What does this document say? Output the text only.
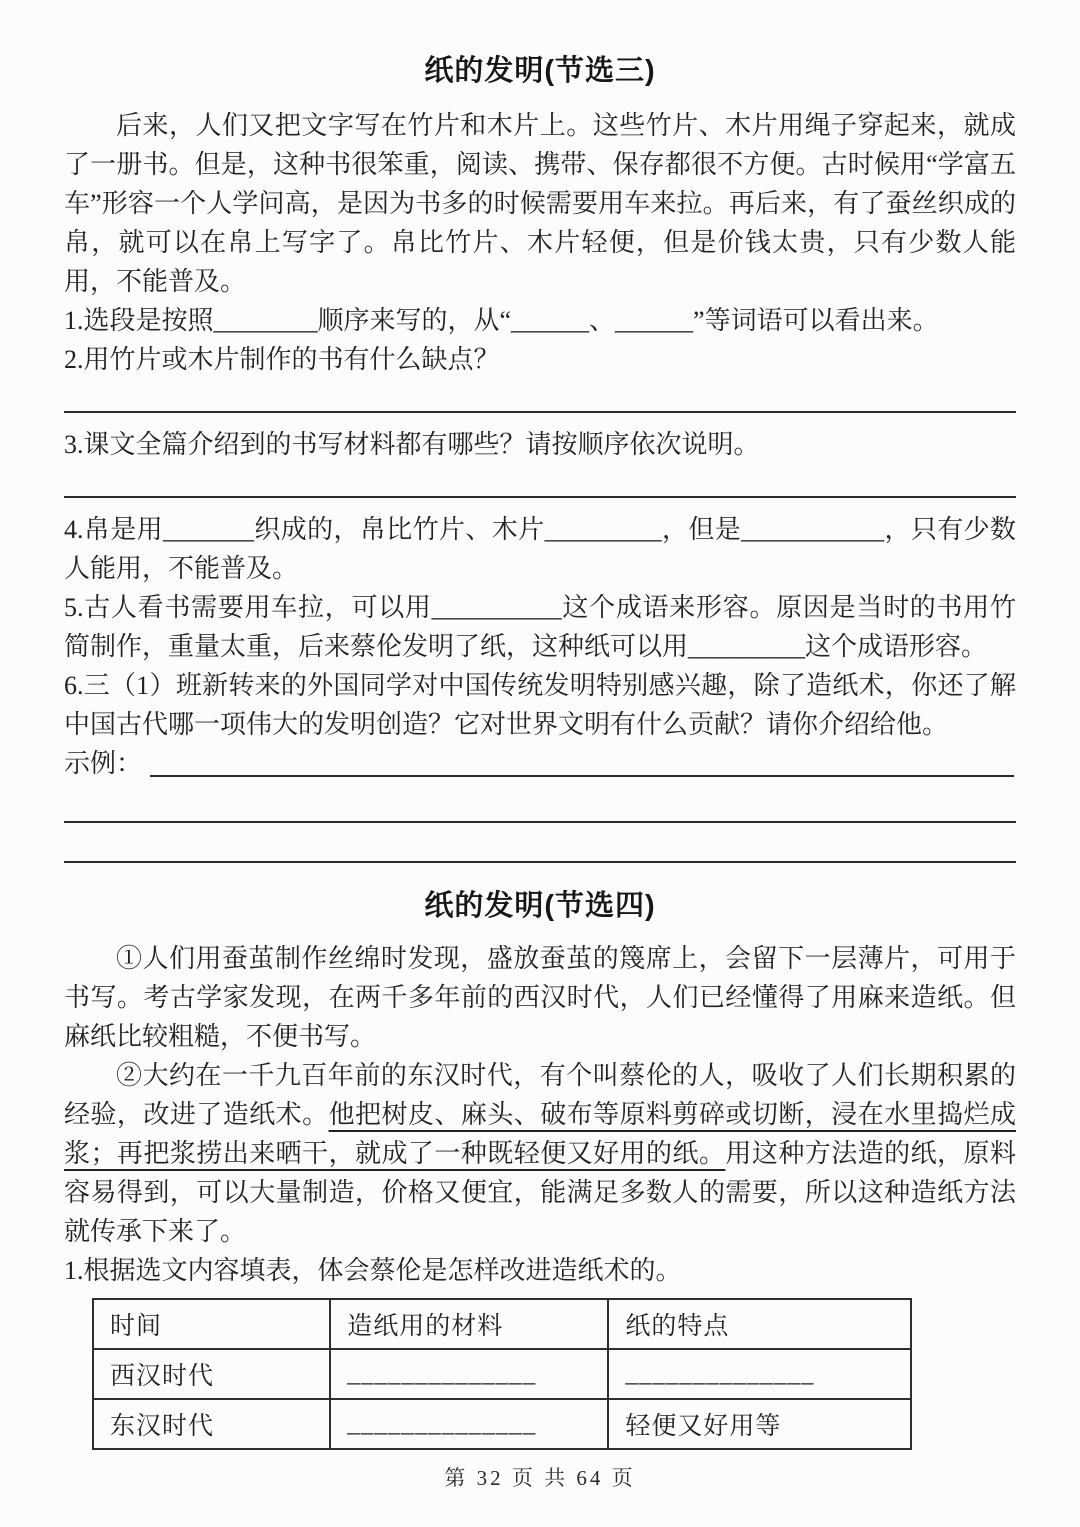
纸的发明(节选三)

后来，人们又把文字写在竹片和木片上。这些竹片、木片用绳子穿起来，就成了一册书。但是，这种书很笨重，阅读、携带、保存都很不方便。古时候用“学富五车”形容一个人学问高，是因为书多的时候需要用车来拉。再后来，有了蚕丝织成的帛，就可以在帛上写字了。帛比竹片、木片轻便，但是价钱太贵，只有少数人能用，不能普及。

1.选段是按照________顺序来写的，从“______、______”等词语可以看出来。

2.用竹片或木片制作的书有什么缺点？

3.课文全篇介绍到的书写材料都有哪些？请按顺序依次说明。

4.帛是用_______织成的，帛比竹片、木片_________，但是___________，只有少数人能用，不能普及。

5.古人看书需要用车拉，可以用__________这个成语来形容。原因是当时的书用竹简制作，重量太重，后来蔡伦发明了纸，这种纸可以用_________这个成语形容。

6.三（1）班新转来的外国同学对中国传统发明特别感兴趣，除了造纸术，你还了解中国古代哪一项伟大的发明创造？它对世界文明有什么贡献？请你介绍给他。

示例：
纸的发明(节选四)

①人们用蚕茧制作丝绵时发现，盛放蚕茧的篾席上，会留下一层薄片，可用于书写。考古学家发现，在两千多年前的西汉时代，人们已经懂得了用麻来造纸。但麻纸比较粗糙，不便书写。

②大约在一千九百年前的东汉时代，有个叫蔡伦的人，吸收了人们长期积累的经验，改进了造纸术。他把树皮、麻头、破布等原料剪碎或切断，浸在水里捣烂成浆；再把浆捞出来晒干，就成了一种既轻便又好用的纸。用这种方法造的纸，原料容易得到，可以大量制造，价格又便宜，能满足多数人的需要，所以这种造纸方法就传承下来了。

1.根据选文内容填表，体会蔡伦是怎样改进造纸术的。

时间	造纸用的材料	纸的特点
西汉时代	______________	______________
东汉时代	______________	轻便又好用等
第 32 页 共 64 页
